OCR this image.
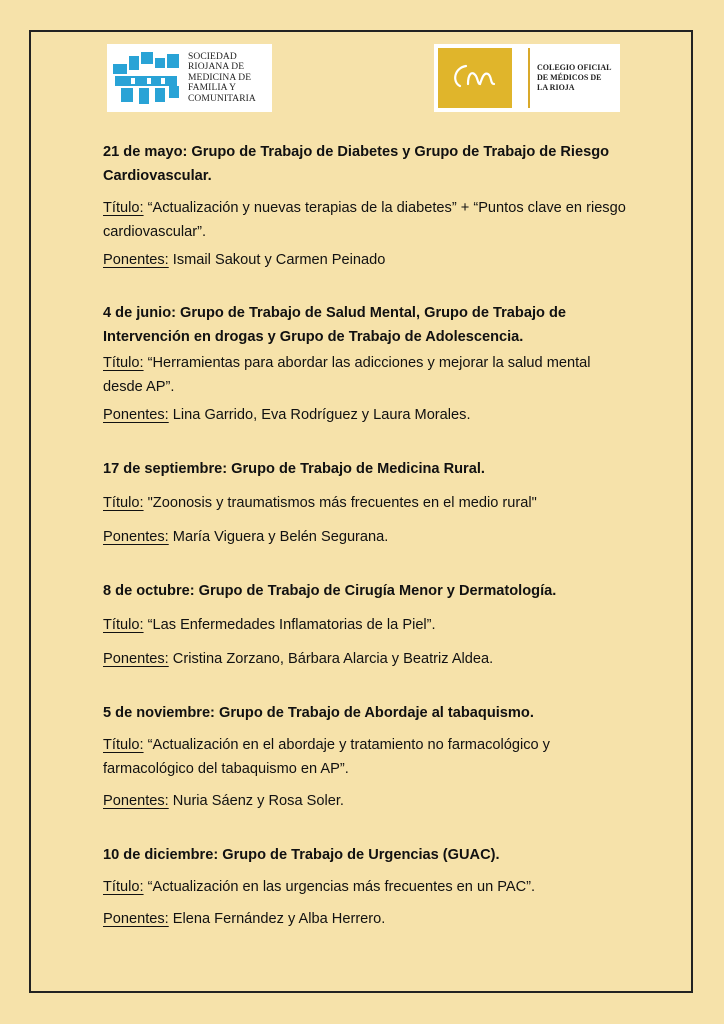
SOCIEDAD
RIOJANA DE
MEDICINA DE
FAMILIA Y
COMUNITARIA
COLEGIO OFICIAL
DE MÉDICOS DE
LA RIOJA

21 de mayo: Grupo de Trabajo de Diabetes y Grupo de Trabajo de Riesgo Cardiovascular.

Título: “Actualización y nuevas terapias de la diabetes” + “Puntos clave en riesgo cardiovascular”.

Ponentes: Ismail Sakout y Carmen Peinado

4 de junio: Grupo de Trabajo de Salud Mental, Grupo de Trabajo de Intervención en drogas y Grupo de Trabajo de Adolescencia.

Título: “Herramientas para abordar las adicciones y mejorar la salud mental desde AP”.

Ponentes: Lina Garrido, Eva Rodríguez y Laura Morales.

17 de septiembre: Grupo de Trabajo de Medicina Rural.

Título: "Zoonosis y traumatismos más frecuentes en el medio rural"

Ponentes: María Viguera y Belén Segurana.

8 de octubre: Grupo de Trabajo de Cirugía Menor y Dermatología.

Título: “Las Enfermedades Inflamatorias de la Piel”.

Ponentes: Cristina Zorzano, Bárbara Alarcia y Beatriz Aldea.

5 de noviembre: Grupo de Trabajo de Abordaje al tabaquismo.

Título: “Actualización en el abordaje y tratamiento no farmacológico y farmacológico del tabaquismo en AP”.

Ponentes: Nuria Sáenz y Rosa Soler.

10 de diciembre: Grupo de Trabajo de Urgencias (GUAC).

Título: “Actualización en las urgencias más frecuentes en un PAC”.

Ponentes: Elena Fernández y Alba Herrero.
